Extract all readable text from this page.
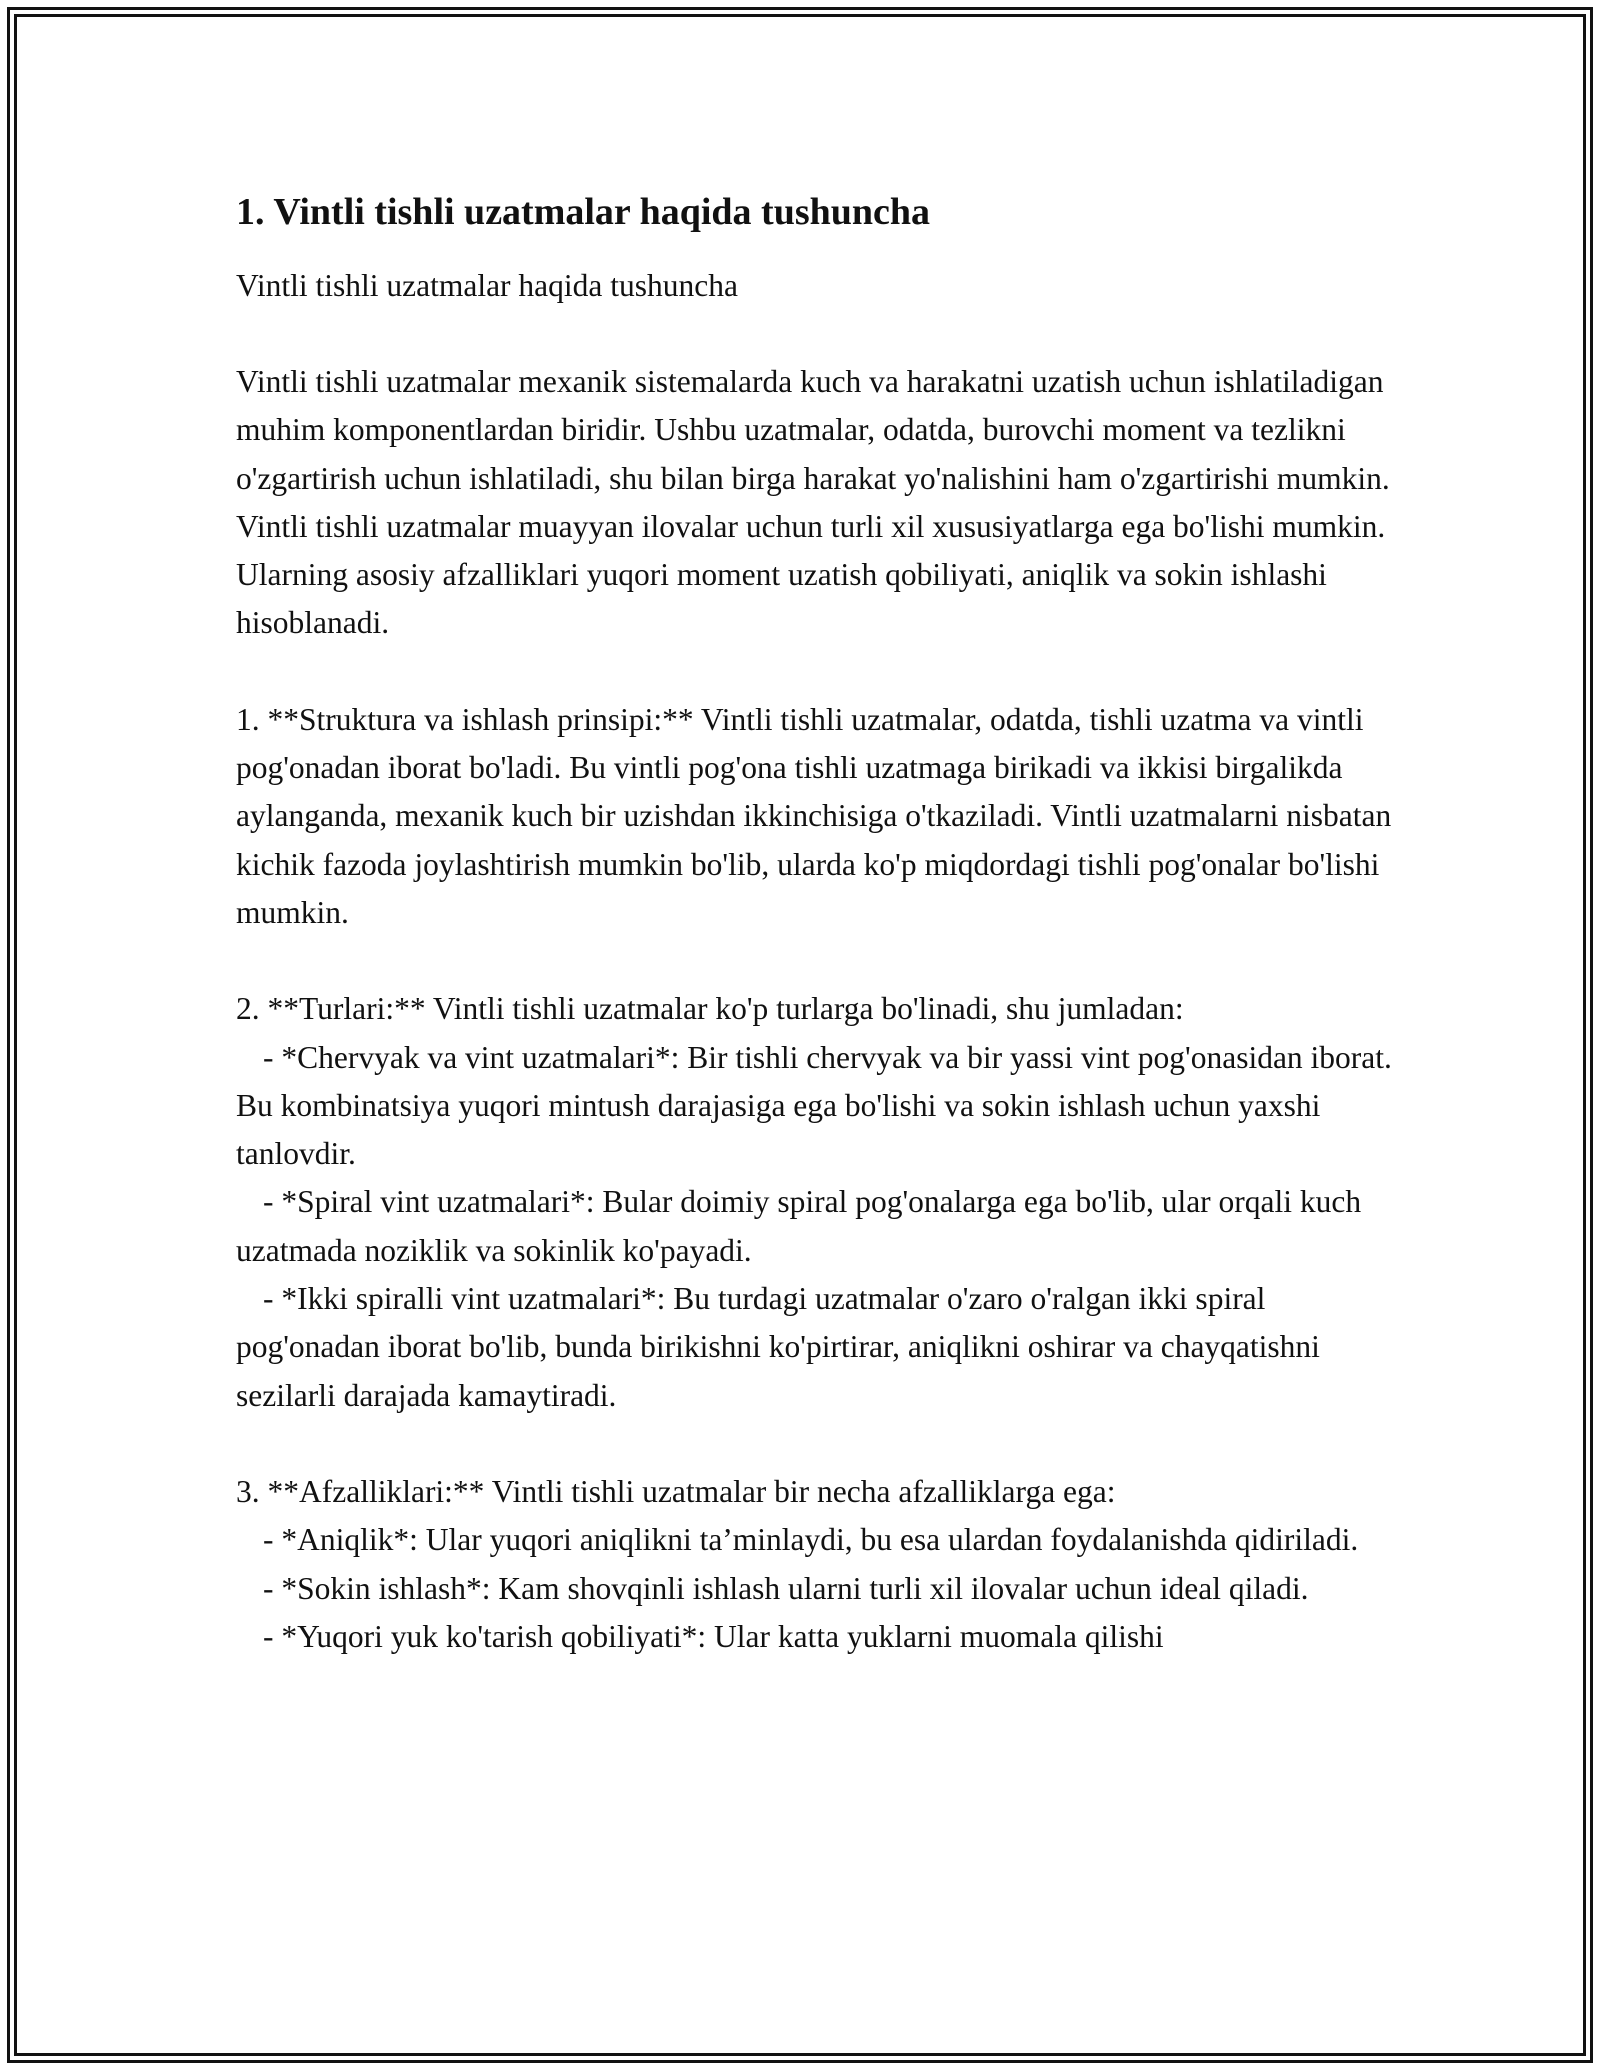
1. Vintli tishli uzatmalar haqida tushuncha

Vintli tishli uzatmalar haqida tushuncha

Vintli tishli uzatmalar mexanik sistemalarda kuch va harakatni uzatish uchun ishlatiladigan muhim komponentlardan biridir. Ushbu uzatmalar, odatda, burovchi moment va tezlikni o'zgartirish uchun ishlatiladi, shu bilan birga harakat yo'nalishini ham o'zgartirishi mumkin. Vintli tishli uzatmalar muayyan ilovalar uchun turli xil xususiyatlarga ega bo'lishi mumkin. Ularning asosiy afzalliklari yuqori moment uzatish qobiliyati, aniqlik va sokin ishlashi hisoblanadi.

1. **Struktura va ishlash prinsipi:** Vintli tishli uzatmalar, odatda, tishli uzatma va vintli pog'onadan iborat bo'ladi. Bu vintli pog'ona tishli uzatmaga birikadi va ikkisi birgalikda aylanganda, mexanik kuch bir uzishdan ikkinchisiga o'tkaziladi. Vintli uzatmalarni nisbatan kichik fazoda joylashtirish mumkin bo'lib, ularda ko'p miqdordagi tishli pog'onalar bo'lishi mumkin.

2. **Turlari:** Vintli tishli uzatmalar ko'p turlarga bo'linadi, shu jumladan:

- *Chervyak va vint uzatmalari*: Bir tishli chervyak va bir yassi vint pog'onasidan iborat. Bu kombinatsiya yuqori mintush darajasiga ega bo'lishi va sokin ishlash uchun yaxshi tanlovdir.

- *Spiral vint uzatmalari*: Bular doimiy spiral pog'onalarga ega bo'lib, ular orqali kuch uzatmada noziklik va sokinlik ko'payadi.

- *Ikki spiralli vint uzatmalari*: Bu turdagi uzatmalar o'zaro o'ralgan ikki spiral pog'onadan iborat bo'lib, bunda birikishni ko'pirtirar, aniqlikni oshirar va chayqatishni sezilarli darajada kamaytiradi.

3. **Afzalliklari:** Vintli tishli uzatmalar bir necha afzalliklarga ega:

- *Aniqlik*: Ular yuqori aniqlikni ta’minlaydi, bu esa ulardan foydalanishda qidiriladi.

- *Sokin ishlash*: Kam shovqinli ishlash ularni turli xil ilovalar uchun ideal qiladi.

- *Yuqori yuk ko'tarish qobiliyati*: Ular katta yuklarni muomala qilishi
